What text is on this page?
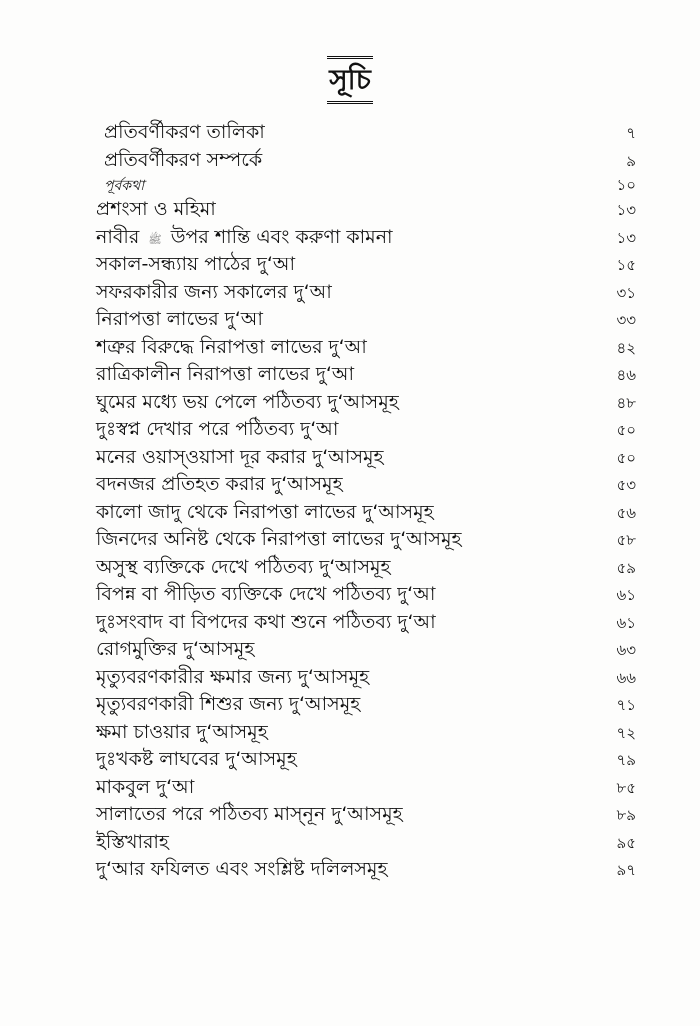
সূচি
প্রতিবর্ণীকরণ তালিকা	৭
প্রতিবর্ণীকরণ সম্পর্কে	৯
পূর্বকথা	১০
প্রশংসা ও মহিমা	১৩
নাবীর ﷺ উপর শান্তি এবং করুণা কামনা	১৩
সকাল-সন্ধ্যায় পাঠের দু‘আ	১৫
সফরকারীর জন্য সকালের দু‘আ	৩১
নিরাপত্তা লাভের দু‘আ	৩৩
শত্রুর বিরুদ্ধে নিরাপত্তা লাভের দু‘আ	৪২
রাত্রিকালীন নিরাপত্তা লাভের দু‘আ	৪৬
ঘুমের মধ্যে ভয় পেলে পঠিতব্য দু‘আসমূহ	৪৮
দুঃস্বপ্ন দেখার পরে পঠিতব্য দু‘আ	৫০
মনের ওয়াস্‌ওয়াসা দূর করার দু‘আসমূহ	৫০
বদনজর প্রতিহত করার দু‘আসমূহ	৫৩
কালো জাদু থেকে নিরাপত্তা লাভের দু‘আসমূহ	৫৬
জিনদের অনিষ্ট থেকে নিরাপত্তা লাভের দু‘আসমূহ	৫৮
অসুস্থ ব্যক্তিকে দেখে পঠিতব্য দু‘আসমূহ	৫৯
বিপন্ন বা পীড়িত ব্যক্তিকে দেখে পঠিতব্য দু‘আ	৬১
দুঃসংবাদ বা বিপদের কথা শুনে পঠিতব্য দু‘আ	৬১
রোগমুক্তির দু‘আসমূহ	৬৩
মৃত্যুবরণকারীর ক্ষমার জন্য দু‘আসমূহ	৬৬
মৃত্যুবরণকারী শিশুর জন্য দু‘আসমূহ	৭১
ক্ষমা চাওয়ার দু‘আসমূহ	৭২
দুঃখকষ্ট লাঘবের দু‘আসমূহ	৭৯
মাকবুল দু‘আ	৮৫
সালাতের পরে পঠিতব্য মাস্‌নূন দু‘আসমূহ	৮৯
ইস্তিখারাহ	৯৫
দু‘আর ফযিলত এবং সংশ্লিষ্ট দলিলসমূহ	৯৭
